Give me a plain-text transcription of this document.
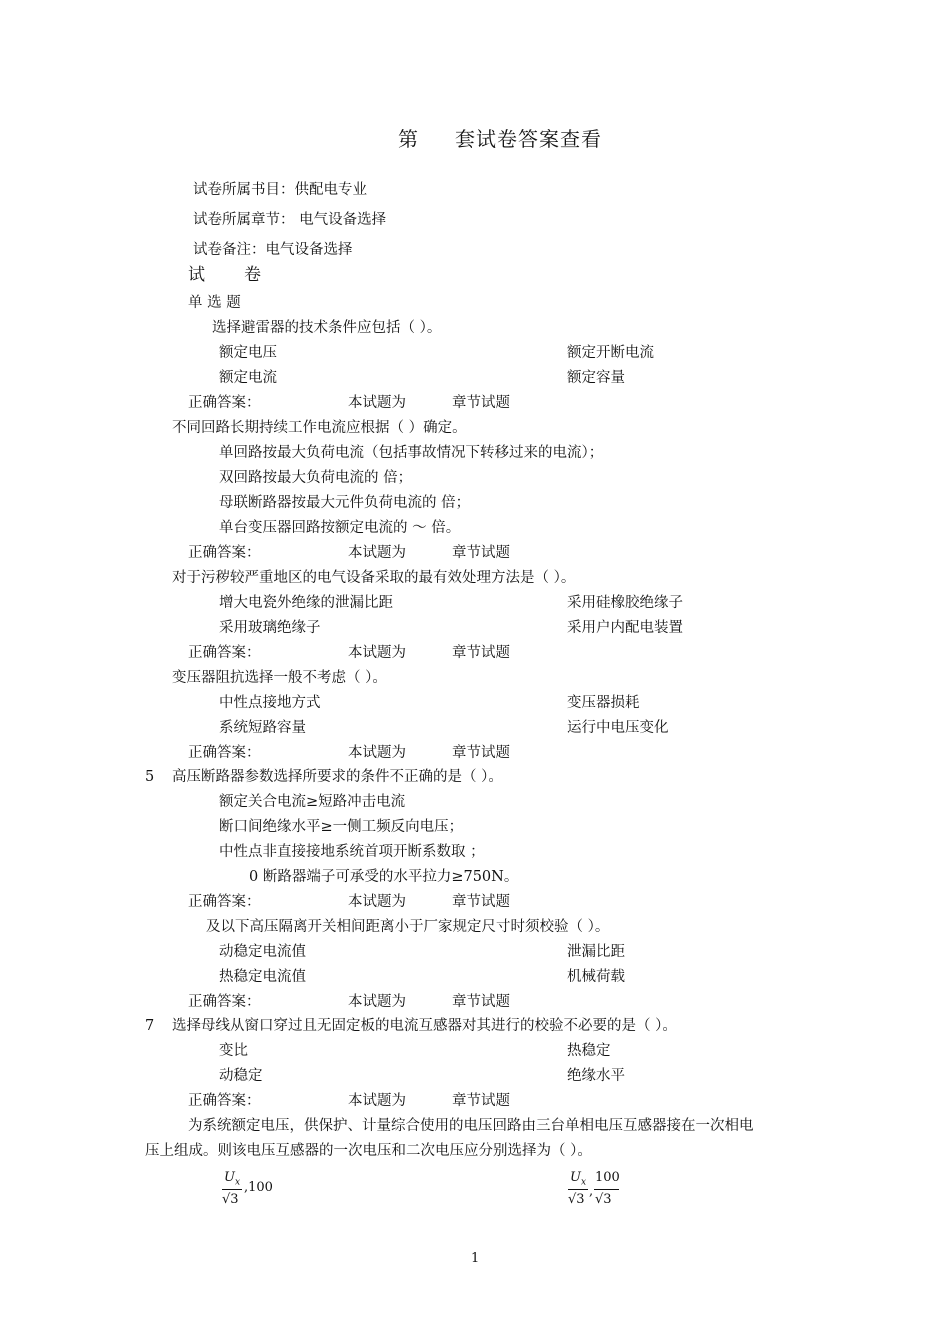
第 套试卷答案查看
试卷所属书目：供配电专业
试卷所属章节： 电气设备选择
试卷备注：电气设备选择
试 卷
单 选 题
选择避雷器的技术条件应包括（ ）。
额定电压	额定开断电流
额定电流	额定容量
正确答案：	本试题为	章节试题
不同回路长期持续工作电流应根据（ ）确定。
单回路按最大负荷电流（包括事故情况下转移过来的电流）；
双回路按最大负荷电流的 倍；
母联断路器按最大元件负荷电流的 倍；
单台变压器回路按额定电流的 ～ 倍。
正确答案：	本试题为	章节试题
对于污秽较严重地区的电气设备采取的最有效处理方法是（ ）。
增大电瓷外绝缘的泄漏比距	采用硅橡胶绝缘子
采用玻璃绝缘子	采用户内配电装置
正确答案：	本试题为	章节试题
变压器阻抗选择一般不考虑（ ）。
中性点接地方式	变压器损耗
系统短路容量	运行中电压变化
正确答案：	本试题为	章节试题
5 高压断路器参数选择所要求的条件不正确的是（ ）。
额定关合电流≥短路冲击电流
断口间绝缘水平≥一侧工频反向电压；
中性点非直接接地系统首项开断系数取 ；
0 断路器端子可承受的水平拉力≥750N。
正确答案：	本试题为	章节试题
及以下高压隔离开关相间距离小于厂家规定尺寸时须校验（ ）。
动稳定电流值	泄漏比距
热稳定电流值	机械荷载
正确答案：	本试题为	章节试题
7 选择母线从窗口穿过且无固定板的电流互感器对其进行的校验不必要的是（ ）。
变比	热稳定
动稳定	绝缘水平
正确答案：	本试题为	章节试题
为系统额定电压，供保护、计量综合使用的电压回路由三台单相电压互感器接在一次相电
压上组成。则该电压互感器的一次电压和二次电压应分别选择为（ ）。
$U_x$
√3
,100
$U_x$
√3
,
100
√3
1
